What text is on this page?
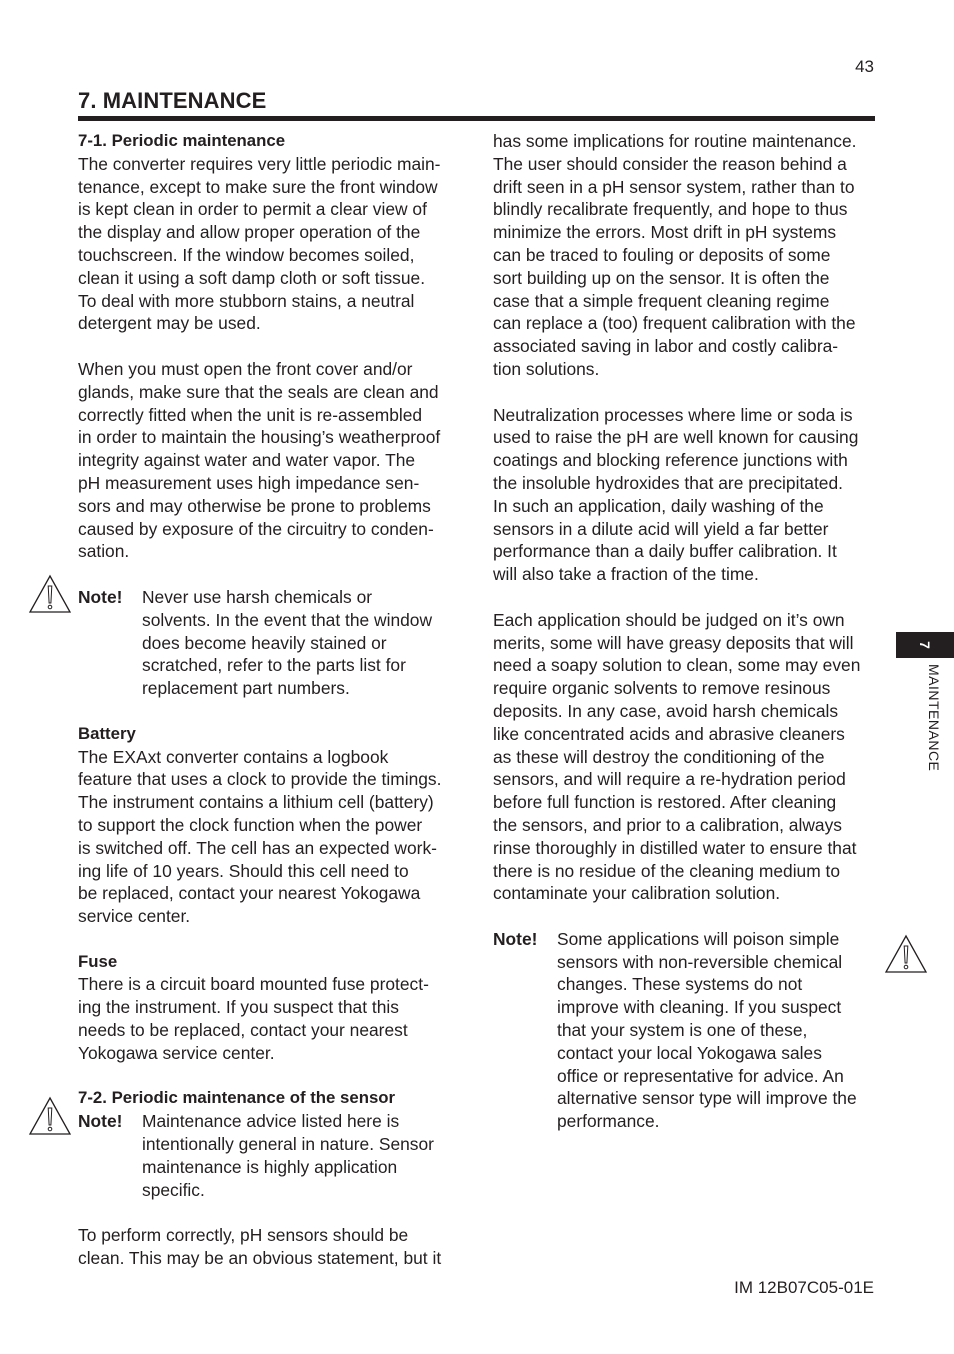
43
7. MAINTENANCE
7-1. Periodic maintenance

The converter requires very little periodic main-
tenance, except to make sure the front window
is kept clean in order to permit a clear view of
the display and allow proper operation of the
touchscreen. If the window becomes soiled,
clean it using a soft damp cloth or soft tissue.
To deal with more stubborn stains, a neutral
detergent may be used.

When you must open the front cover and/or
glands, make sure that the seals are clean and
correctly fitted when the unit is re-assembled
in order to maintain the housing’s weatherproof
integrity against water and water vapor. The
pH measurement uses high impedance sen-
sors and may otherwise be prone to problems
caused by exposure of the circuitry to conden-
sation.

Note!	Never use harsh chemicals or
solvents. In the event that the window
does become heavily stained or
scratched, refer to the parts list for
replacement part numbers.
Battery

The EXAxt converter contains a logbook
feature that uses a clock to provide the timings.
The instrument contains a lithium cell (battery)
to support the clock function when the power
is switched off. The cell has an expected work-
ing life of 10 years. Should this cell need to
be replaced, contact your nearest Yokogawa
service center.

Fuse

There is a circuit board mounted fuse protect-
ing the instrument. If you suspect that this
needs to be replaced, contact your nearest
Yokogawa service center.

7-2. Periodic maintenance of the sensor
Note!	Maintenance advice listed here is
intentionally general in nature. Sensor
maintenance is highly application
specific.

To perform correctly, pH sensors should be
clean. This may be an obvious statement, but it

has some implications for routine maintenance.
The user should consider the reason behind a
drift seen in a pH sensor system, rather than to
blindly recalibrate frequently, and hope to thus
minimize the errors. Most drift in pH systems
can be traced to fouling or deposits of some
sort building up on the sensor. It is often the
case that a simple frequent cleaning regime
can replace a (too) frequent calibration with the
associated saving in labor and costly calibra-
tion solutions.

Neutralization processes where lime or soda is
used to raise the pH are well known for causing
coatings and blocking reference junctions with
the insoluble hydroxides that are precipitated.
In such an application, daily washing of the
sensors in a dilute acid will yield a far better
performance than a daily buffer calibration. It
will also take a fraction of the time.

Each application should be judged on it’s own
merits, some will have greasy deposits that will
need a soapy solution to clean, some may even
require organic solvents to remove resinous
deposits. In any case, avoid harsh chemicals
like concentrated acids and abrasive cleaners
as these will destroy the conditioning of the
sensors, and will require a re-hydration period
before full function is restored. After cleaning
the sensors, and prior to a calibration, always
rinse thoroughly in distilled water to ensure that
there is no residue of the cleaning medium to
contaminate your calibration solution.

Note!	Some applications will poison simple
sensors with non-reversible chemical
changes. These systems do not
improve with cleaning. If you suspect
that your system is one of these,
contact your local Yokogawa sales
office or representative for advice. An
alternative sensor type will improve the
performance.
7
MAINTENANCE
IM 12B07C05-01E
